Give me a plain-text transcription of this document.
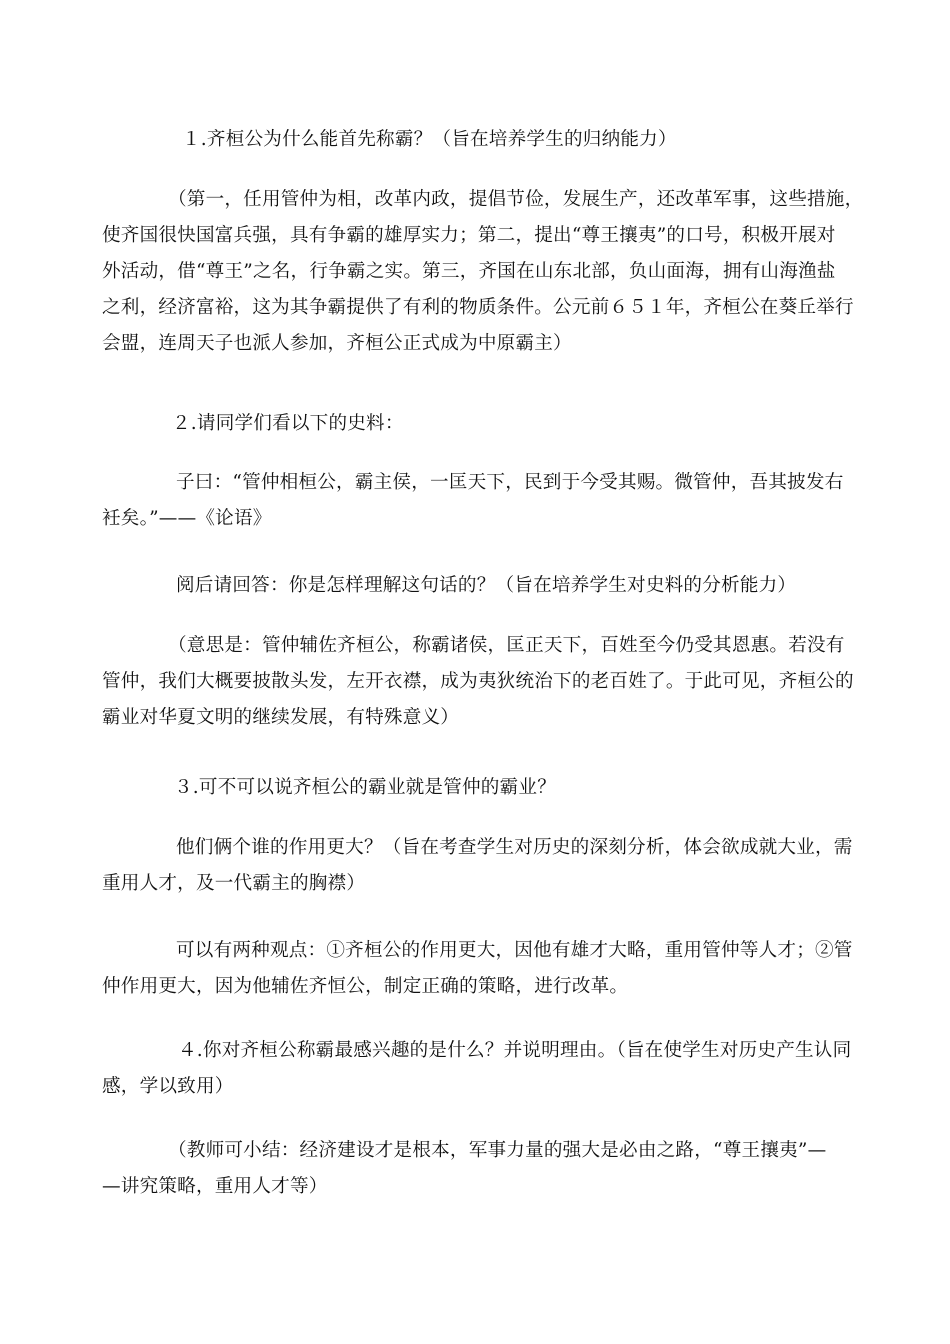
１.齐桓公为什么能首先称霸？（旨在培养学生的归纳能力）
（第一，任用管仲为相，改革内政，提倡节俭，发展生产，还改革军事，这些措施，
使齐国很快国富兵强，具有争霸的雄厚实力；第二，提出“尊王攘夷”的口号，积极开展对
外活动，借“尊王”之名，行争霸之实。第三，齐国在山东北部，负山面海，拥有山海渔盐
之利，经济富裕，这为其争霸提供了有利的物质条件。公元前６５１年，齐桓公在葵丘举行
会盟，连周天子也派人参加，齐桓公正式成为中原霸主）
２.请同学们看以下的史料：
子曰：“管仲相桓公，霸主侯，一匡天下，民到于今受其赐。微管仲，吾其披发右
衽矣。”——《论语》
阅后请回答：你是怎样理解这句话的？（旨在培养学生对史料的分析能力）
（意思是：管仲辅佐齐桓公，称霸诸侯，匡正天下，百姓至今仍受其恩惠。若没有
管仲，我们大概要披散头发，左开衣襟，成为夷狄统治下的老百姓了。于此可见，齐桓公的
霸业对华夏文明的继续发展，有特殊意义）
３.可不可以说齐桓公的霸业就是管仲的霸业？
他们俩个谁的作用更大？（旨在考查学生对历史的深刻分析，体会欲成就大业，需
重用人才，及一代霸主的胸襟）
可以有两种观点：①齐桓公的作用更大，因他有雄才大略，重用管仲等人才；②管
仲作用更大，因为他辅佐齐恒公，制定正确的策略，进行改革。
４.你对齐桓公称霸最感兴趣的是什么？并说明理由。（旨在使学生对历史产生认同
感，学以致用）
（教师可小结：经济建设才是根本，军事力量的强大是必由之路，“尊王攘夷”—
—讲究策略，重用人才等）
